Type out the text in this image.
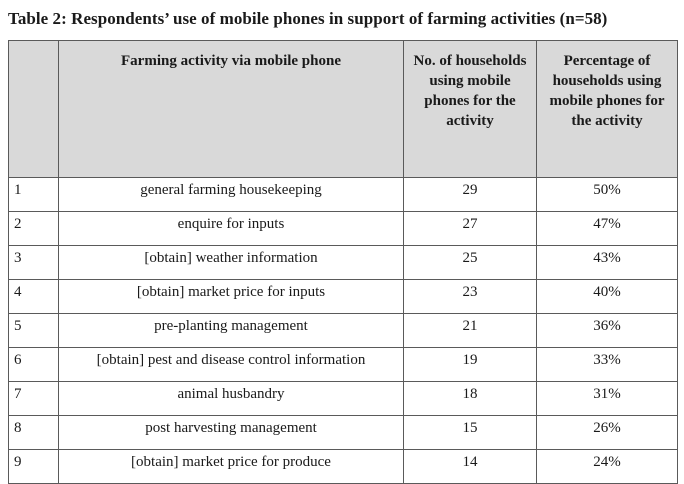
Table 2: Respondents’ use of mobile phones in support of farming activities (n=58)
	Farming activity via mobile phone	No. of households using mobile phones for the activity	Percentage of households using mobile phones for the activity
1	general farming housekeeping	29	50%
2	enquire for inputs	27	47%
3	[obtain] weather information	25	43%
4	[obtain] market price for inputs	23	40%
5	pre-planting management	21	36%
6	[obtain] pest and disease control information	19	33%
7	animal husbandry	18	31%
8	post harvesting management	15	26%
9	[obtain] market price for produce	14	24%
